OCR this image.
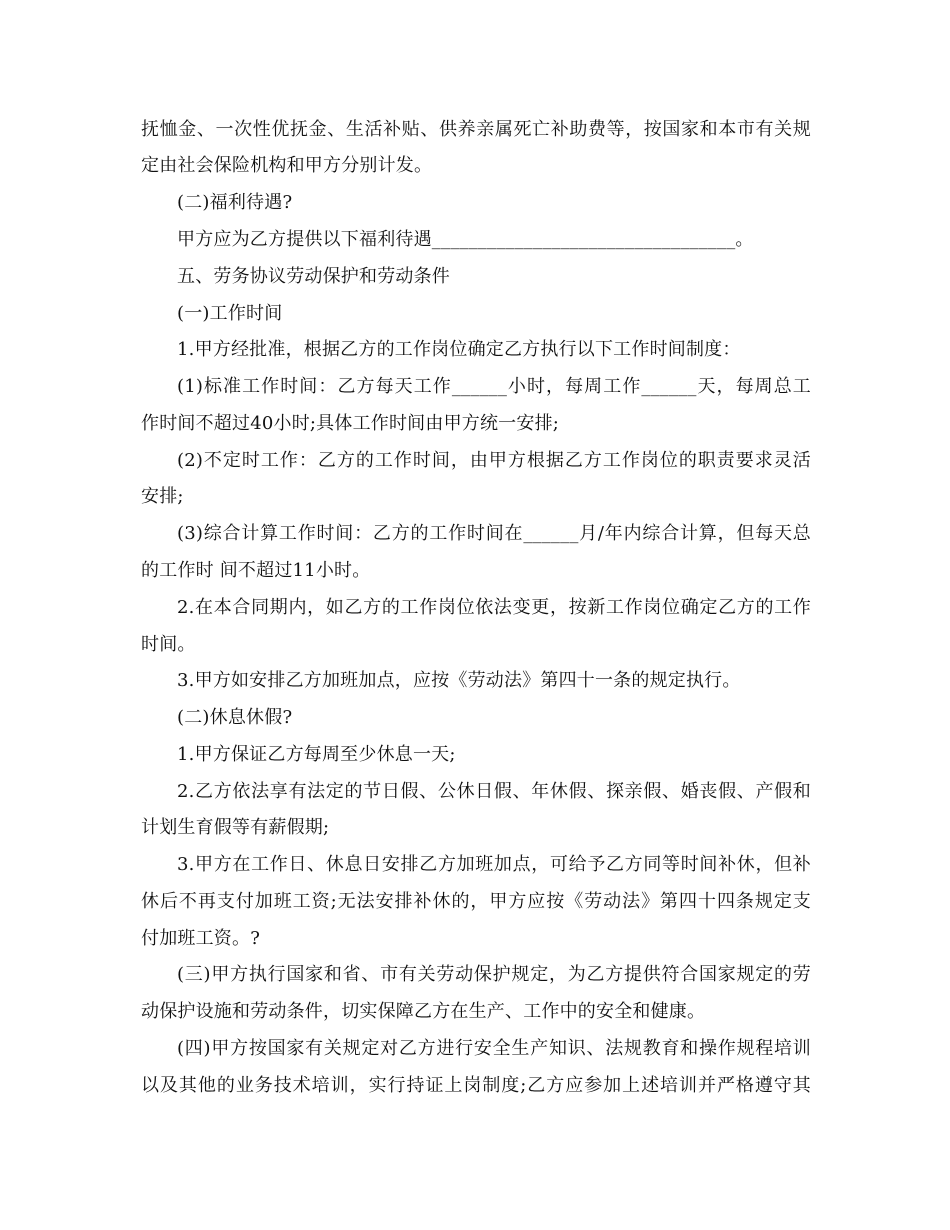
抚恤金、一次性优抚金、生活补贴、供养亲属死亡补助费等，按国家和本市有关规
定由社会保险机构和甲方分别计发。
(二)福利待遇?
甲方应为乙方提供以下福利待遇_________________________________。
五、劳务协议劳动保护和劳动条件
(一)工作时间
1.甲方经批准，根据乙方的工作岗位确定乙方执行以下工作时间制度：
(1)标准工作时间：乙方每天工作______小时，每周工作______天，每周总工
作时间不超过40小时;具体工作时间由甲方统一安排;
(2)不定时工作：乙方的工作时间，由甲方根据乙方工作岗位的职责要求灵活
安排;
(3)综合计算工作时间：乙方的工作时间在______月/年内综合计算，但每天总
的工作时 间不超过11小时。
2.在本合同期内，如乙方的工作岗位依法变更，按新工作岗位确定乙方的工作
时间。
3.甲方如安排乙方加班加点，应按《劳动法》第四十一条的规定执行。
(二)休息休假?
1.甲方保证乙方每周至少休息一天;
2.乙方依法享有法定的节日假、公休日假、年休假、探亲假、婚丧假、产假和
计划生育假等有薪假期;
3.甲方在工作日、休息日安排乙方加班加点，可给予乙方同等时间补休，但补
休后不再支付加班工资;无法安排补休的，甲方应按《劳动法》第四十四条规定支
付加班工资。?
(三)甲方执行国家和省、市有关劳动保护规定，为乙方提供符合国家规定的劳
动保护设施和劳动条件，切实保障乙方在生产、工作中的安全和健康。
(四)甲方按国家有关规定对乙方进行安全生产知识、法规教育和操作规程培训
以及其他的业务技术培训，实行持证上岗制度;乙方应参加上述培训并严格遵守其
